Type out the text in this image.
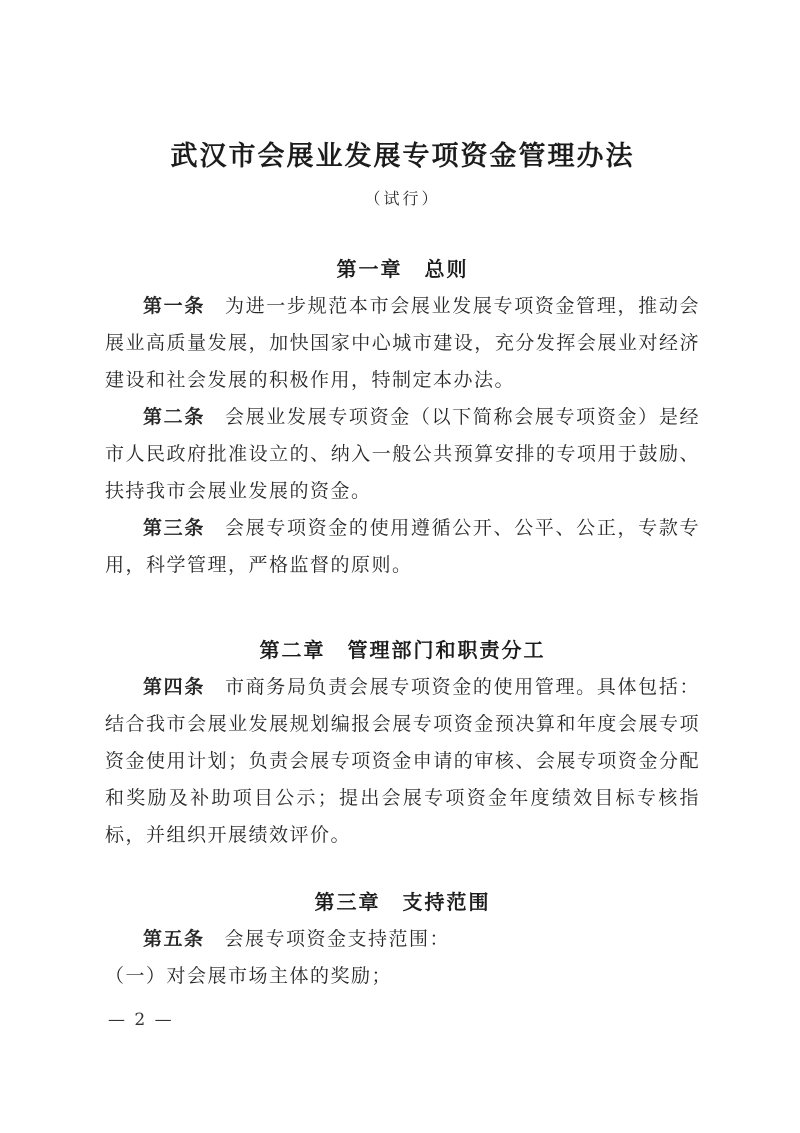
武汉市会展业发展专项资金管理办法
（试行）
第一章　总则

第一条 为进一步规范本市会展业发展专项资金管理，推动会展业高质量发展，加快国家中心城市建设，充分发挥会展业对经济建设和社会发展的积极作用，特制定本办法。

第二条 会展业发展专项资金（以下简称会展专项资金）是经市人民政府批准设立的、纳入一般公共预算安排的专项用于鼓励、扶持我市会展业发展的资金。

第三条 会展专项资金的使用遵循公开、公平、公正，专款专用，科学管理，严格监督的原则。

第二章　管理部门和职责分工

第四条 市商务局负责会展专项资金的使用管理。具体包括：结合我市会展业发展规划编报会展专项资金预决算和年度会展专项资金使用计划；负责会展专项资金申请的审核、会展专项资金分配和奖励及补助项目公示；提出会展专项资金年度绩效目标专核指标，并组织开展绩效评价。

第三章　支持范围

第五条 会展专项资金支持范围：

（一）对会展市场主体的奖励；

— 2 —
